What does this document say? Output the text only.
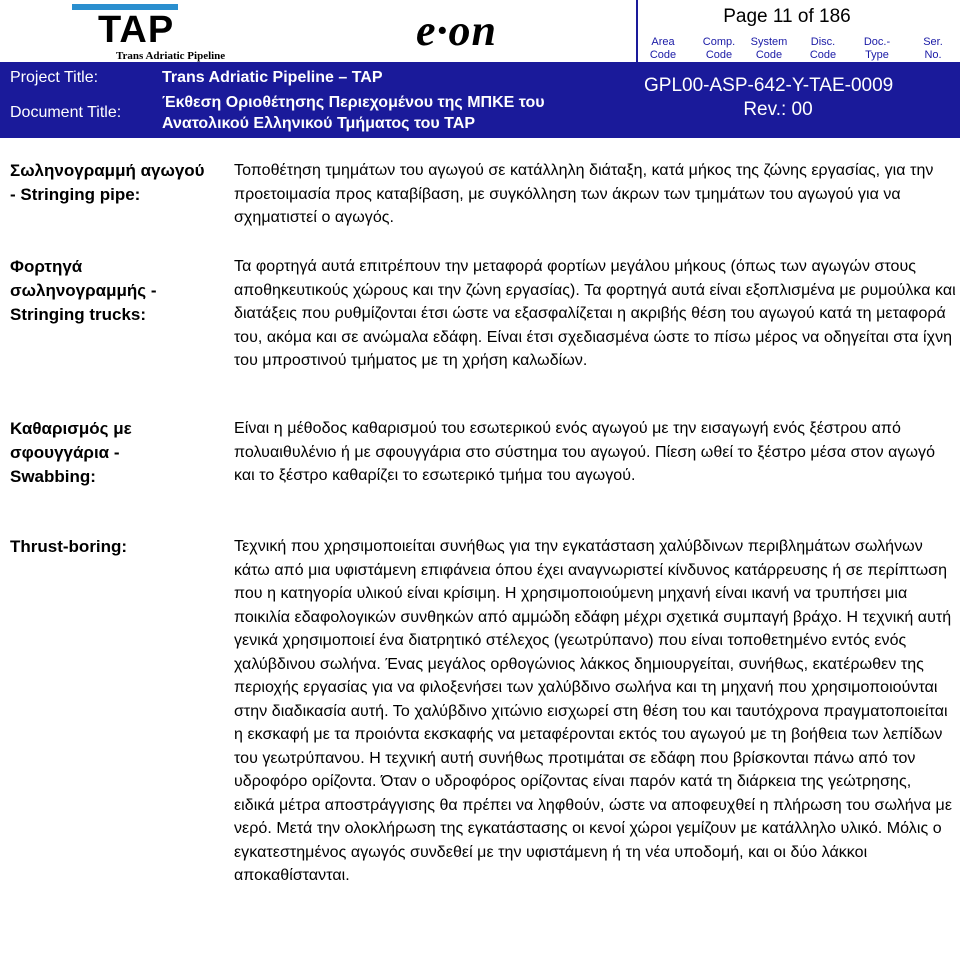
TAP
Trans Adriatic Pipeline
e·on	Page 11 of 186
Area
Code
Comp.
Code
System
Code
Disc.
Code
Doc.-
Type
Ser.
No.
Project Title:	Trans Adriatic Pipeline – TAP
Document Title:
Έκθεση Οριοθέτησης Περιεχομένου της ΜΠΚΕ του
Ανατολικού Ελληνικού Τμήματος του TAP
GPL00-ASP-642-Y-TAE-0009
Rev.: 00
Σωληνογραμμή αγωγού - Stringing pipe:
Τοποθέτηση τμημάτων του αγωγού σε κατάλληλη διάταξη, κατά μήκος της ζώνης εργασίας, για την προετοιμασία προς καταβίβαση, με συγκόλληση των άκρων των τμημάτων του αγωγού για να σχηματιστεί ο αγωγός.
Φορτηγά σωληνογραμμής - Stringing trucks:
Τα φορτηγά αυτά επιτρέπουν την μεταφορά φορτίων μεγάλου μήκους (όπως των αγωγών στους αποθηκευτικούς χώρους και την ζώνη εργασίας). Τα φορτηγά αυτά είναι εξοπλισμένα με ρυμούλκα και διατάξεις που ρυθμίζονται έτσι ώστε να εξασφαλίζεται η ακριβής θέση του αγωγού κατά τη μεταφορά του, ακόμα και σε ανώμαλα εδάφη. Είναι έτσι σχεδιασμένα ώστε το πίσω μέρος να οδηγείται στα ίχνη του μπροστινού τμήματος με τη χρήση καλωδίων.
Καθαρισμός με σφουγγάρια - Swabbing:
Είναι η μέθοδος καθαρισμού του εσωτερικού ενός αγωγού με την εισαγωγή ενός ξέστρου από πολυαιθυλένιο ή με σφουγγάρια στο σύστημα του αγωγού. Πίεση ωθεί το ξέστρο μέσα στον αγωγό και το ξέστρο καθαρίζει το εσωτερικό τμήμα του αγωγού.
Thrust-boring:	Τεχνική που χρησιμοποιείται συνήθως για την εγκατάσταση χαλύβδινων περιβλημάτων σωλήνων κάτω από μια υφιστάμενη επιφάνεια όπου έχει αναγνωριστεί κίνδυνος κατάρρευσης ή σε περίπτωση που η κατηγορία υλικού είναι κρίσιμη. Η χρησιμοποιούμενη μηχανή είναι ικανή να τρυπήσει μια ποικιλία εδαφολογικών συνθηκών από αμμώδη εδάφη μέχρι σχετικά συμπαγή βράχο. Η τεχνική αυτή γενικά χρησιμοποιεί ένα διατρητικό στέλεχος (γεωτρύπανο) που είναι τοποθετημένο εντός ενός χαλύβδινου σωλήνα. Ένας μεγάλος ορθογώνιος λάκκος δημιουργείται, συνήθως, εκατέρωθεν της περιοχής εργασίας για να φιλοξενήσει των χαλύβδινο σωλήνα και τη μηχανή που χρησιμοποιούνται στην διαδικασία αυτή. Το χαλύβδινο χιτώνιο εισχωρεί στη θέση του και ταυτόχρονα πραγματοποιείται η εκσκαφή με τα προιόντα εκσκαφής να μεταφέρονται εκτός του αγωγού με τη βοήθεια των λεπίδων του γεωτρύπανου. Η τεχνική αυτή συνήθως προτιμάται σε εδάφη που βρίσκονται πάνω από τον υδροφόρο ορίζοντα. Όταν ο υδροφόρος ορίζοντας είναι παρόν κατά τη διάρκεια της γεώτρησης, ειδικά μέτρα αποστράγγισης θα πρέπει να ληφθούν, ώστε να αποφευχθεί η πλήρωση του σωλήνα με νερό. Μετά την ολοκλήρωση της εγκατάστασης οι κενοί χώροι γεμίζουν με κατάλληλο υλικό. Μόλις ο εγκατεστημένος αγωγός συνδεθεί με την υφιστάμενη ή τη νέα υποδομή, και οι δύο λάκκοι αποκαθίστανται.
